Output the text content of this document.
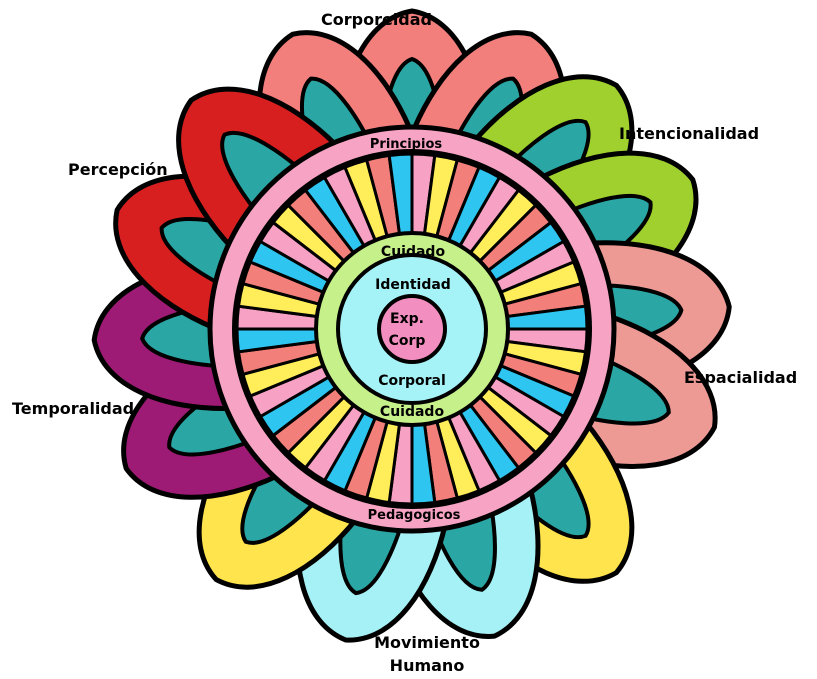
Corporeidad
Intencionalidad
Espacialidad
Percepción
Temporalidad
Movimiento
Humano
Principios
Pedagogicos
Cuidado
Identidad
Corporal
Cuidado
Exp.
Corp
